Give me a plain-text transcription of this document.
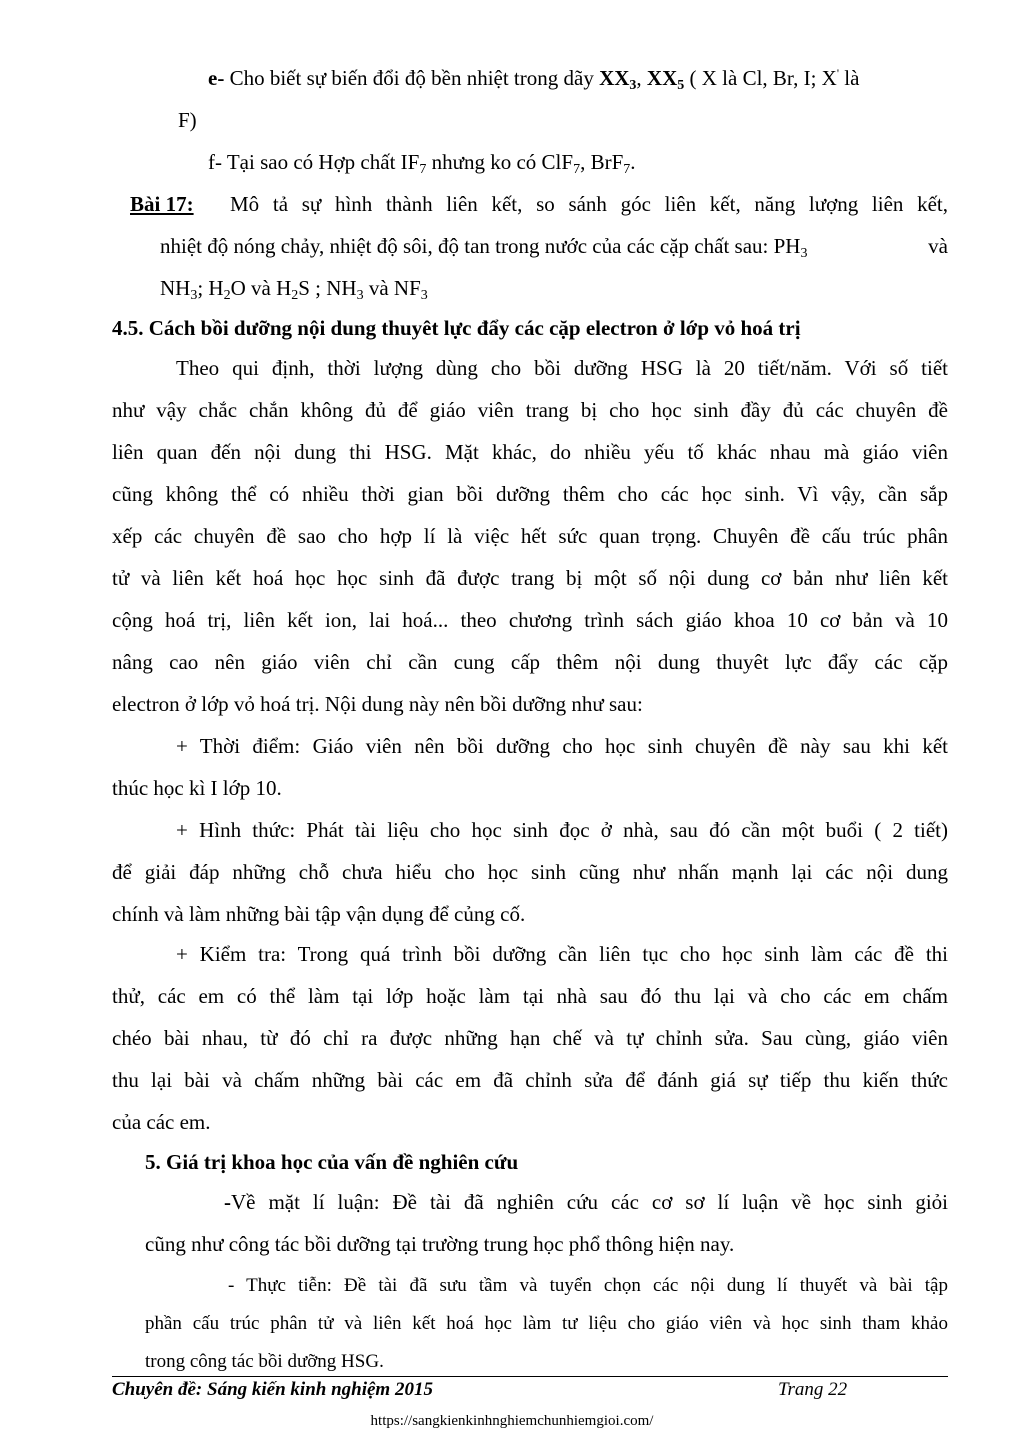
e- Cho biết sự biến đổi độ bền nhiệt trong dãy $XX_3$, $XX_5$ ( X là Cl, Br, I; X' là
F)
f- Tại sao có Hợp chất $IF_7$ nhưng ko có ClF$_7$, BrF$_7$.
Bài 17: Mô tả sự hình thành liên kết, so sánh góc liên kết, năng lượng liên kết,
nhiệt độ nóng chảy, nhiệt độ sôi, độ tan trong nước của các cặp chất sau: $PH_3$	và
$NH_3$; $H_2O$ và $H_2S$ ; $NH_3$ và $NF_3$
4.5. Cách bồi dưỡng nội dung thuyêt lực đẩy các cặp electron ở lớp vỏ hoá trị
Theo qui định, thời lượng dùng cho bồi dưỡng HSG là 20 tiết/năm. Với số tiết
như vậy chắc chắn không đủ để giáo viên trang bị cho học sinh đầy đủ các chuyên đề
liên quan đến nội dung thi HSG. Mặt khác, do nhiều yếu tố khác nhau mà giáo viên
cũng không thể có nhiều thời gian bồi dưỡng thêm cho các học sinh. Vì vậy, cần sắp
xếp các chuyên đề sao cho hợp lí là việc hết sức quan trọng. Chuyên đề cấu trúc phân
tử và liên kết hoá học học sinh đã được trang bị một số nội dung cơ bản như liên kết
cộng hoá trị, liên kết ion, lai hoá... theo chương trình sách giáo khoa 10 cơ bản và 10
nâng cao nên giáo viên chỉ cần cung cấp thêm nội dung thuyêt lực đẩy các cặp
electron ở lớp vỏ hoá trị. Nội dung này nên bồi dưỡng như sau:
+ Thời điểm: Giáo viên nên bồi dưỡng cho học sinh chuyên đề này sau khi kết
thúc học kì I lớp 10.
+ Hình thức: Phát tài liệu cho học sinh đọc ở nhà, sau đó cần một buổi ( 2 tiết)
để giải đáp những chỗ chưa hiểu cho học sinh cũng như nhấn mạnh lại các nội dung
chính và làm những bài tập vận dụng để củng cố.
+ Kiểm tra: Trong quá trình bồi dưỡng cần liên tục cho học sinh làm các đề thi
thử, các em có thể làm tại lớp hoặc làm tại nhà sau đó thu lại và cho các em chấm
chéo bài nhau, từ đó chỉ ra được những hạn chế và tự chỉnh sửa. Sau cùng, giáo viên
thu lại bài và chấm những bài các em đã chỉnh sửa để đánh giá sự tiếp thu kiến thức
của các em.
5. Giá trị khoa học của vấn đề nghiên cứu
- Về mặt lí luận: Đề tài đã nghiên cứu các cơ sơ lí luận về học sinh giỏi
cũng như công tác bồi dưỡng tại trường trung học phổ thông hiện nay.
- Thực tiễn: Đề tài đã sưu tầm và tuyển chọn các nội dung lí thuyết và bài tập
phần cấu trúc phân tử và liên kết hoá học làm tư liệu cho giáo viên và học sinh tham khảo
trong công tác bồi dưỡng HSG.
Chuyên đề: Sáng kiến kinh nghiệm 2015	Trang 22
https://sangkienkinhnghiemchunhiemgioi.com/
